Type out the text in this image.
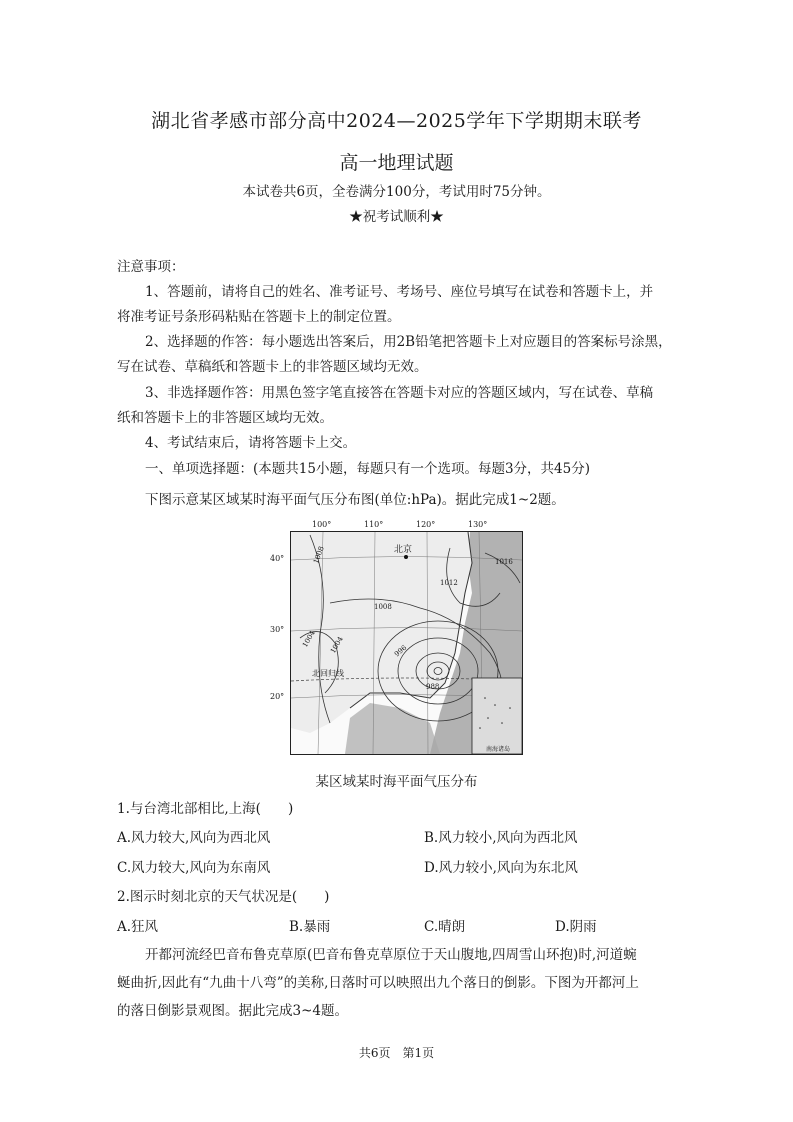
湖北省孝感市部分高中2024—2025学年下学期期末联考
高一地理试题
本试卷共6页，全卷满分100分，考试用时75分钟。
★祝考试顺利★
注意事项：
1、答题前，请将自己的姓名、准考证号、考场号、座位号填写在试卷和答题卡上，并
将准考证号条形码粘贴在答题卡上的制定位置。
2、选择题的作答：每小题选出答案后，用2B铅笔把答题卡上对应题目的答案标号涂黑，
写在试卷、草稿纸和答题卡上的非答题区域均无效。
3、非选择题作答：用黑色签字笔直接答在答题卡对应的答题区域内，写在试卷、草稿
纸和答题卡上的非答题区域均无效。
4、考试结束后，请将答题卡上交。
一、单项选择题：(本题共15小题，每题只有一个选项。每题3分，共45分)
下图示意某区域某时海平面气压分布图(单位:hPa)。据此完成1~2题。
100°	110°	120°	130°
40°
30°
20°
北京
北回归线
1008	1016
1012
1008
1004 1004	996
988
南海诸岛
某区域某时海平面气压分布
1.与台湾北部相比,上海(　　)
A.风力较大,风向为西北风	B.风力较小,风向为西北风
C.风力较大,风向为东南风	D.风力较小,风向为东北风
2.图示时刻北京的天气状况是(　　)
A.狂风	B.暴雨	C.晴朗	D.阴雨
开都河流经巴音布鲁克草原(巴音布鲁克草原位于天山腹地,四周雪山环抱)时,河道蜿
蜒曲折,因此有“九曲十八弯”的美称,日落时可以映照出九个落日的倒影。下图为开都河上
的落日倒影景观图。据此完成3~4题。
共6页　第1页
